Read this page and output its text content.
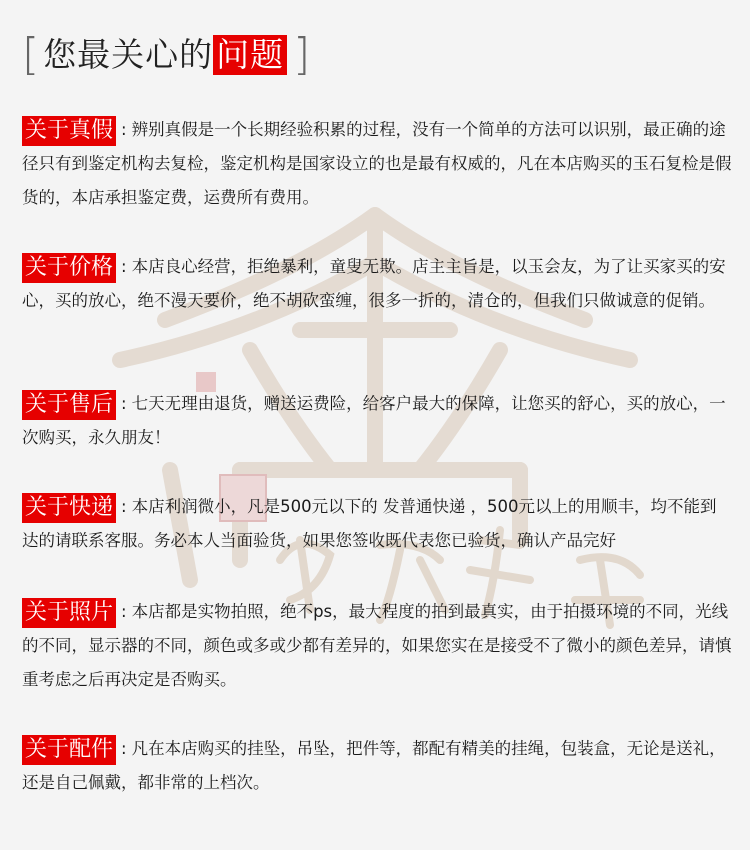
[ 您最关心的 问题 ]
关于真假 : 辨别真假是一个长期经验积累的过程，没有一个简单的方法可以识别，最正确的途径只有到鉴定机构去复检，鉴定机构是国家设立的也是最有权威的，凡在本店购买的玉石复检是假货的，本店承担鉴定费，运费所有费用。
关于价格 : 本店良心经营，拒绝暴利，童叟无欺。店主主旨是，以玉会友，为了让买家买的安心，买的放心，绝不漫天要价，绝不胡砍蛮缠，很多一折的，清仓的，但我们只做诚意的促销。
关于售后 : 七天无理由退货，赠送运费险，给客户最大的保障，让您买的舒心，买的放心，一次购买，永久朋友！
关于快递 : 本店利润微小，凡是500元以下的 发普通快递 ，500元以上的用顺丰，均不能到达的请联系客服。务必本人当面验货，如果您签收既代表您已验货，确认产品完好
关于照片 : 本店都是实物拍照，绝不ps，最大程度的拍到最真实，由于拍摄环境的不同，光线的不同，显示器的不同，颜色或多或少都有差异的，如果您实在是接受不了微小的颜色差异，请慎重考虑之后再决定是否购买。
关于配件 : 凡在本店购买的挂坠，吊坠，把件等，都配有精美的挂绳，包装盒，无论是送礼，还是自己佩戴，都非常的上档次。
